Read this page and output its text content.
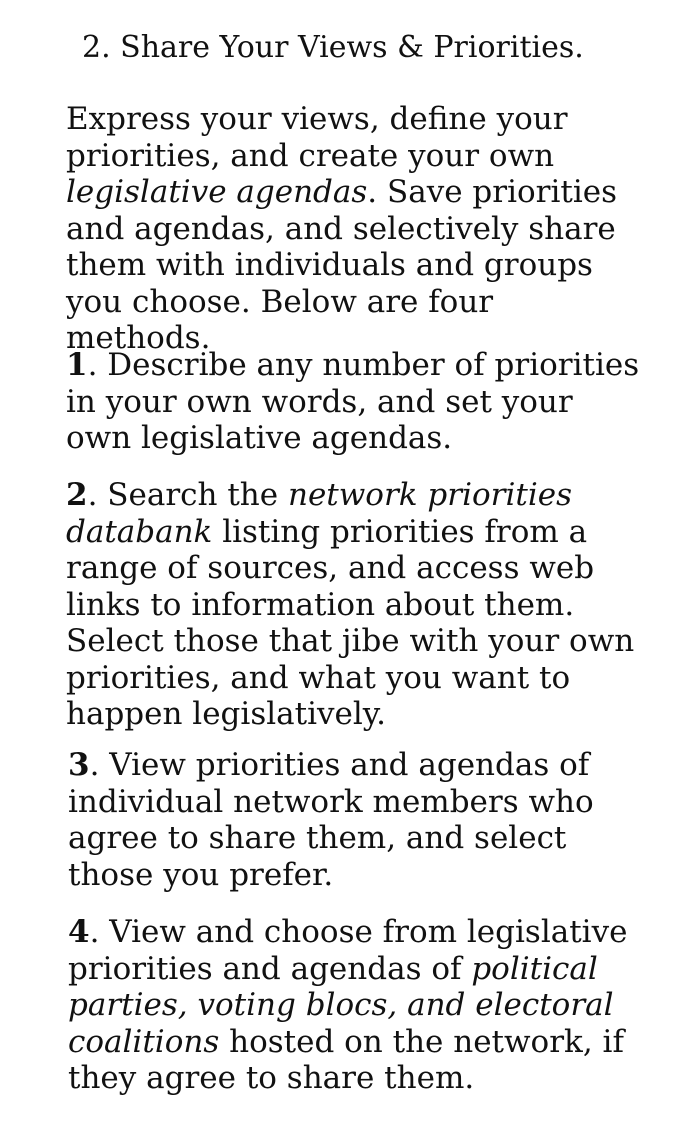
2. Share Your Views & Priorities.

Express your views, define your priorities, and create your own legislative agendas. Save priorities and agendas, and selectively share them with individuals and groups you choose. Below are four methods.

1. Describe any number of priorities in your own words, and set your own legislative agendas.

2. Search the network priorities databank listing priorities from a range of sources, and access web links to information about them. Select those that jibe with your own priorities, and what you want to happen legislatively.

3. View priorities and agendas of individual network members who agree to share them, and select those you prefer.

4. View and choose from legislative priorities and agendas of political parties, voting blocs, and electoral coalitions hosted on the network, if they agree to share them.
